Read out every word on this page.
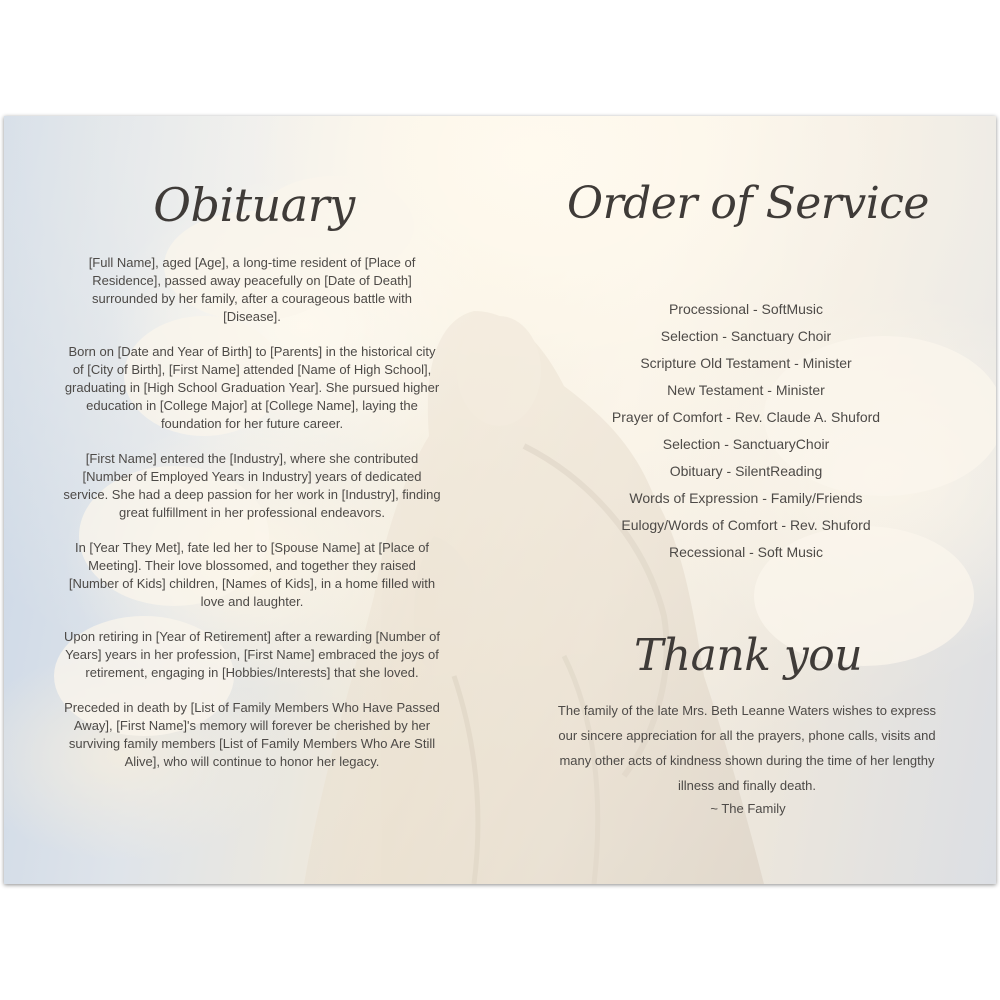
Obituary

[Full Name], aged [Age], a long-time resident of [Place of Residence], passed away peacefully on [Date of Death] surrounded by her family, after a courageous battle with [Disease].

Born on [Date and Year of Birth] to [Parents] in the historical city of [City of Birth], [First Name] attended [Name of High School], graduating in [High School Graduation Year]. She pursued higher education in [College Major] at [College Name], laying the foundation for her future career.

[First Name] entered the [Industry], where she contributed [Number of Employed Years in Industry] years of dedicated service. She had a deep passion for her work in [Industry], finding great fulfillment in her professional endeavors.

In [Year They Met], fate led her to [Spouse Name] at [Place of Meeting]. Their love blossomed, and together they raised [Number of Kids] children, [Names of Kids], in a home filled with love and laughter.

Upon retiring in [Year of Retirement] after a rewarding [Number of Years] years in her profession, [First Name] embraced the joys of retirement, engaging in [Hobbies/Interests] that she loved.

Preceded in death by [List of Family Members Who Have Passed Away], [First Name]'s memory will forever be cherished by her surviving family members [List of Family Members Who Are Still Alive], who will continue to honor her legacy.

Order of Service
Processional - SoftMusic
Selection - Sanctuary Choir
Scripture Old Testament - Minister
New Testament - Minister
Prayer of Comfort - Rev. Claude A. Shuford
Selection - SanctuaryChoir
Obituary - SilentReading
Words of Expression - Family/Friends
Eulogy/Words of Comfort - Rev. Shuford
Recessional - Soft Music
Thank you

The family of the late Mrs. Beth Leanne Waters wishes to express our sincere appreciation for all the prayers, phone calls, visits and many other acts of kindness shown during the time of her lengthy illness and finally death.

~ The Family
